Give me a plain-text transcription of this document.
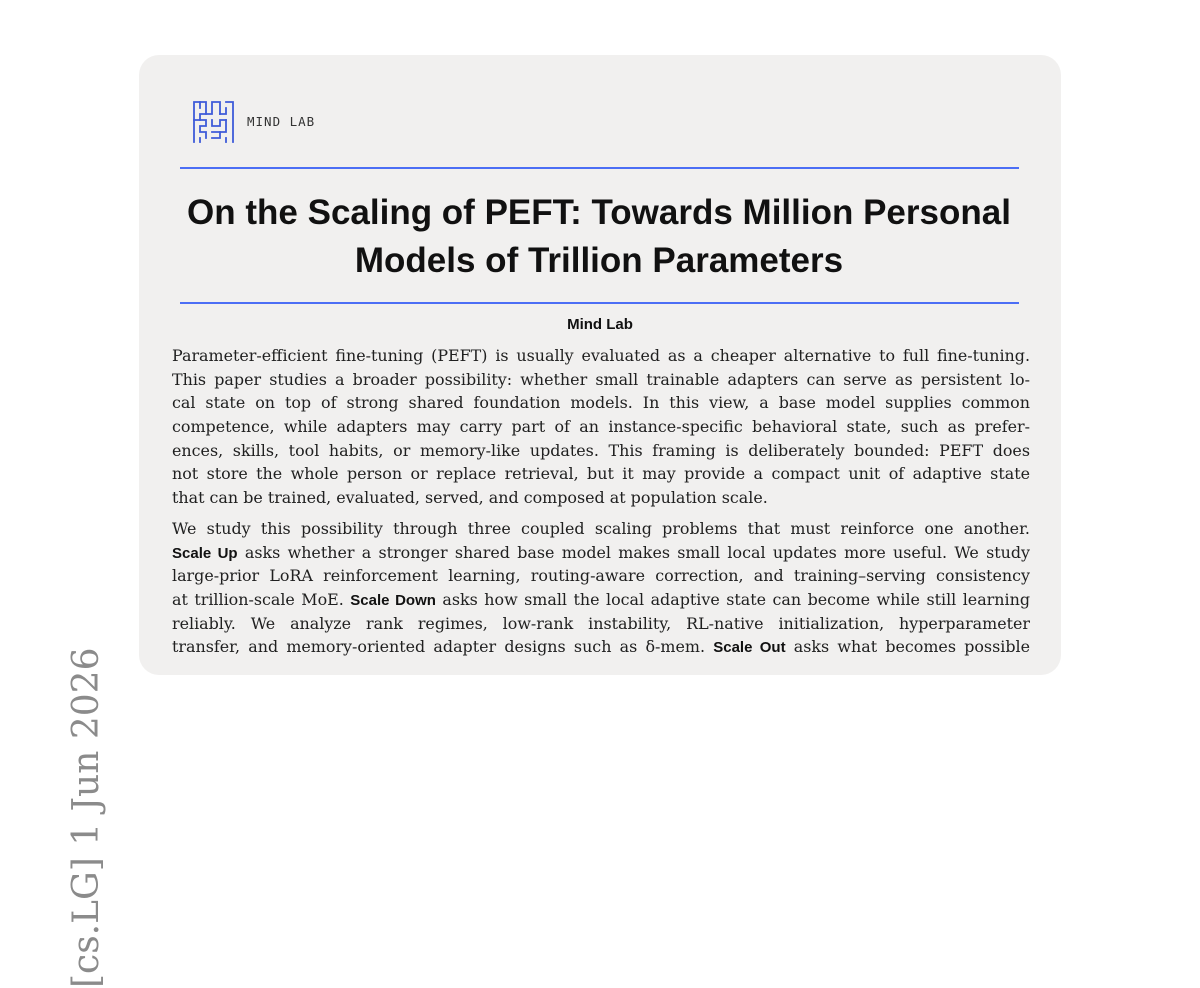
[cs.LG] 1 Jun 2026
MIND LAB
On the Scaling of PEFT: Towards Million Personal
Models of Trillion Parameters

Mind Lab

Parameter-efficient fine-tuning (PEFT) is usually evaluated as a cheaper alternative to full fine-tuning.
This paper studies a broader possibility: whether small trainable adapters can serve as persistent lo-
cal state on top of strong shared foundation models. In this view, a base model supplies common
competence, while adapters may carry part of an instance-specific behavioral state, such as prefer-
ences, skills, tool habits, or memory-like updates. This framing is deliberately bounded: PEFT does
not store the whole person or replace retrieval, but it may provide a compact unit of adaptive state
that can be trained, evaluated, served, and composed at population scale.

We study this possibility through three coupled scaling problems that must reinforce one another.
Scale Up asks whether a stronger shared base model makes small local updates more useful. We study
large-prior LoRA reinforcement learning, routing-aware correction, and training–serving consistency
at trillion-scale MoE. Scale Down asks how small the local adaptive state can become while still learning
reliably. We analyze rank regimes, low-rank instability, RL-native initialization, hyperparameter
transfer, and memory-oriented adapter designs such as δ-mem. Scale Out asks what becomes possible
